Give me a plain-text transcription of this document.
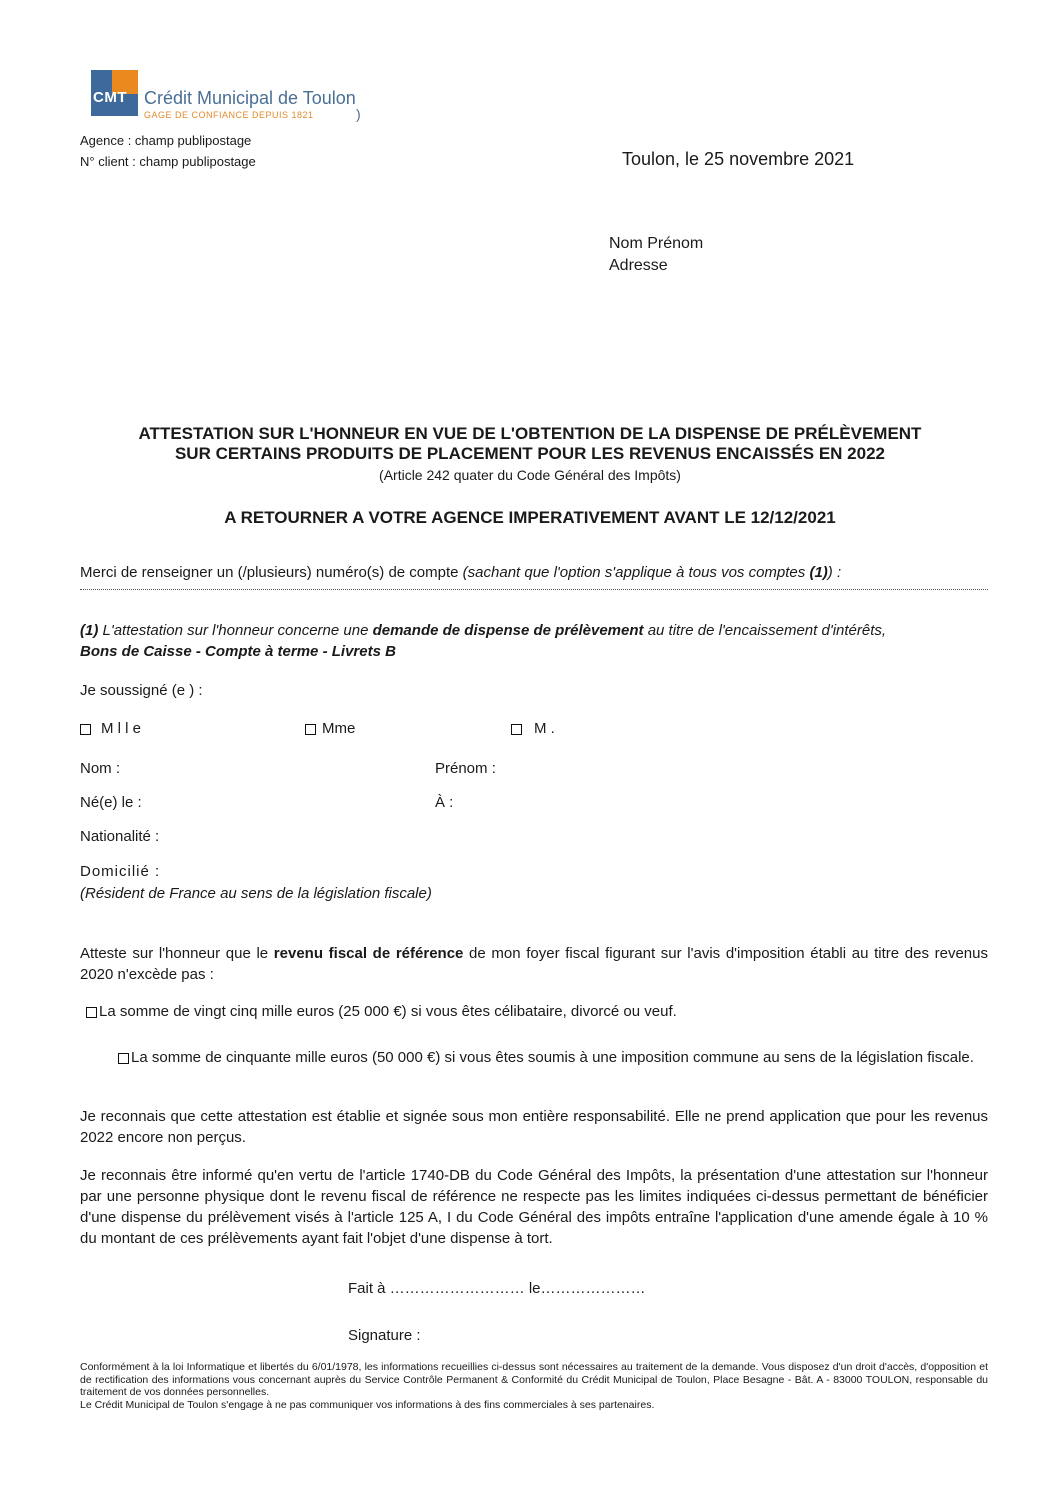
CMT Crédit Municipal de Toulon
GAGE DE CONFIANCE DEPUIS 1821	)
Agence : champ publipostage
N° client : champ publipostage	Toulon, le 25 novembre 2021
Nom Prénom
Adresse
ATTESTATION SUR L'HONNEUR EN VUE DE L'OBTENTION DE LA DISPENSE DE PRÉLÈVEMENT
SUR CERTAINS PRODUITS DE PLACEMENT POUR LES REVENUS ENCAISSÉS EN 2022
(Article 242 quater du Code Général des Impôts)
A RETOURNER A VOTRE AGENCE IMPERATIVEMENT AVANT LE 12/12/2021
Merci de renseigner un (/plusieurs) numéro(s) de compte (sachant que l'option s'applique à tous vos comptes (1)) :
(1) L'attestation sur l'honneur concerne une demande de dispense de prélèvement au titre de l'encaissement d'intérêts,
Bons de Caisse - Compte à terme - Livrets B
Je soussigné (e ) :
M l l e	Mme	M .
Nom :	Prénom :
Né(e) le :	À :
Nationalité :
Domicilié :
(Résident de France au sens de la législation fiscale)
Atteste sur l'honneur que le revenu fiscal de référence de mon foyer fiscal figurant sur l'avis d'imposition établi au titre des revenus 2020 n'excède pas :
La somme de vingt cinq mille euros (25 000 €) si vous êtes célibataire, divorcé ou veuf.
La somme de cinquante mille euros (50 000 €) si vous êtes soumis à une imposition commune au sens de la législation fiscale.
Je reconnais que cette attestation est établie et signée sous mon entière responsabilité. Elle ne prend application que pour les revenus 2022 encore non perçus.
Je reconnais être informé qu'en vertu de l'article 1740-DB du Code Général des Impôts, la présentation d'une attestation sur l'honneur par une personne physique dont le revenu fiscal de référence ne respecte pas les limites indiquées ci-dessus permettant de bénéficier d'une dispense du prélèvement visés à l'article 125 A, I du Code Général des impôts entraîne l'application d'une amende égale à 10 % du montant de ces prélèvements ayant fait l'objet d'une dispense à tort.
Fait à ……………………… le…………………
Signature :
Conformément à la loi Informatique et libertés du 6/01/1978, les informations recueillies ci-dessus sont nécessaires au traitement de la demande. Vous disposez d'un droit d'accès, d'opposition et de rectification des informations vous concernant auprès du Service Contrôle Permanent & Conformité du Crédit Municipal de Toulon, Place Besagne - Bât. A - 83000 TOULON, responsable du traitement de vos données personnelles.
Le Crédit Municipal de Toulon s'engage à ne pas communiquer vos informations à des fins commerciales à ses partenaires.
